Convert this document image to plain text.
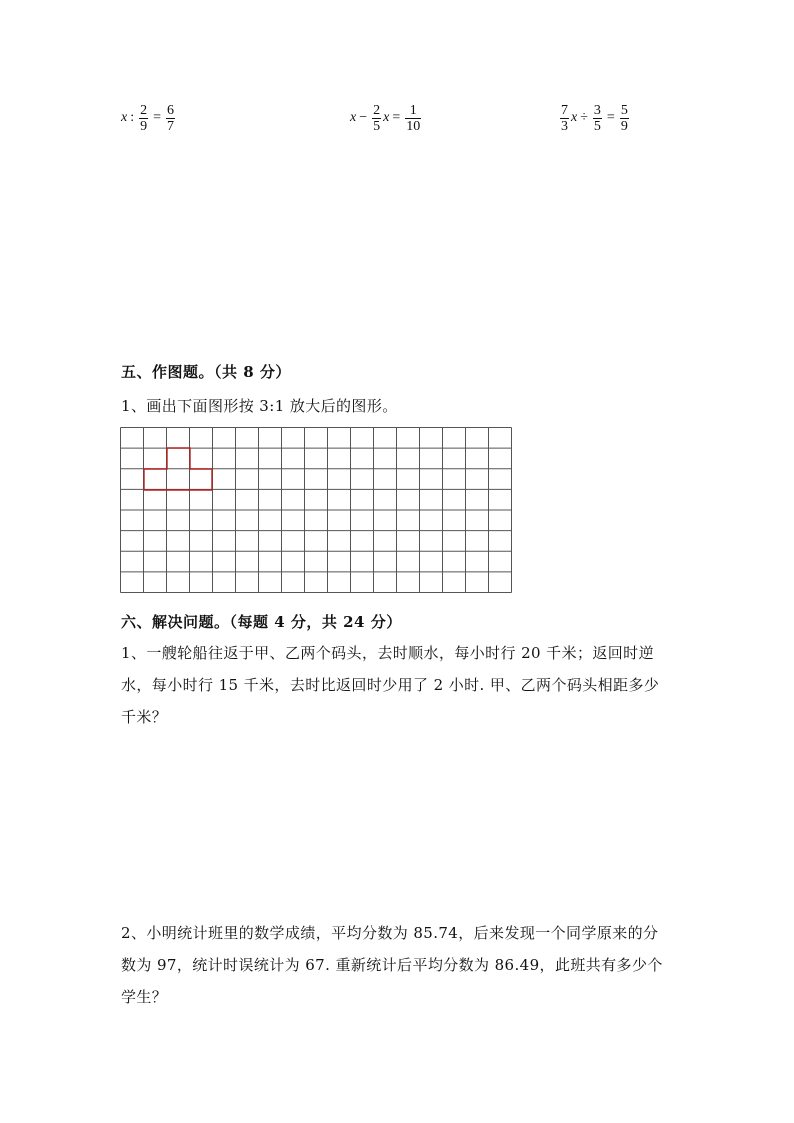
x : $\frac{2}{9} = \frac{6}{7}$	$x - \frac{2}{5}$ $x = \frac{1}{10}$	$\frac{7}{3}$ $x \div \frac{3}{5} = \frac{5}{9}$
五、作图题。（共 8 分）
1、画出下面图形按 3:1 放大后的图形。
六、解决问题。（每题 4 分，共 24 分）
1、一艘轮船往返于甲、乙两个码头，去时顺水，每小时行 20 千米；返回时逆
水，每小时行 15 千米，去时比返回时少用了 2 小时. 甲、乙两个码头相距多少
千米？
2、小明统计班里的数学成绩，平均分数为 85.74，后来发现一个同学原来的分
数为 97，统计时误统计为 67. 重新统计后平均分数为 86.49，此班共有多少个
学生？
